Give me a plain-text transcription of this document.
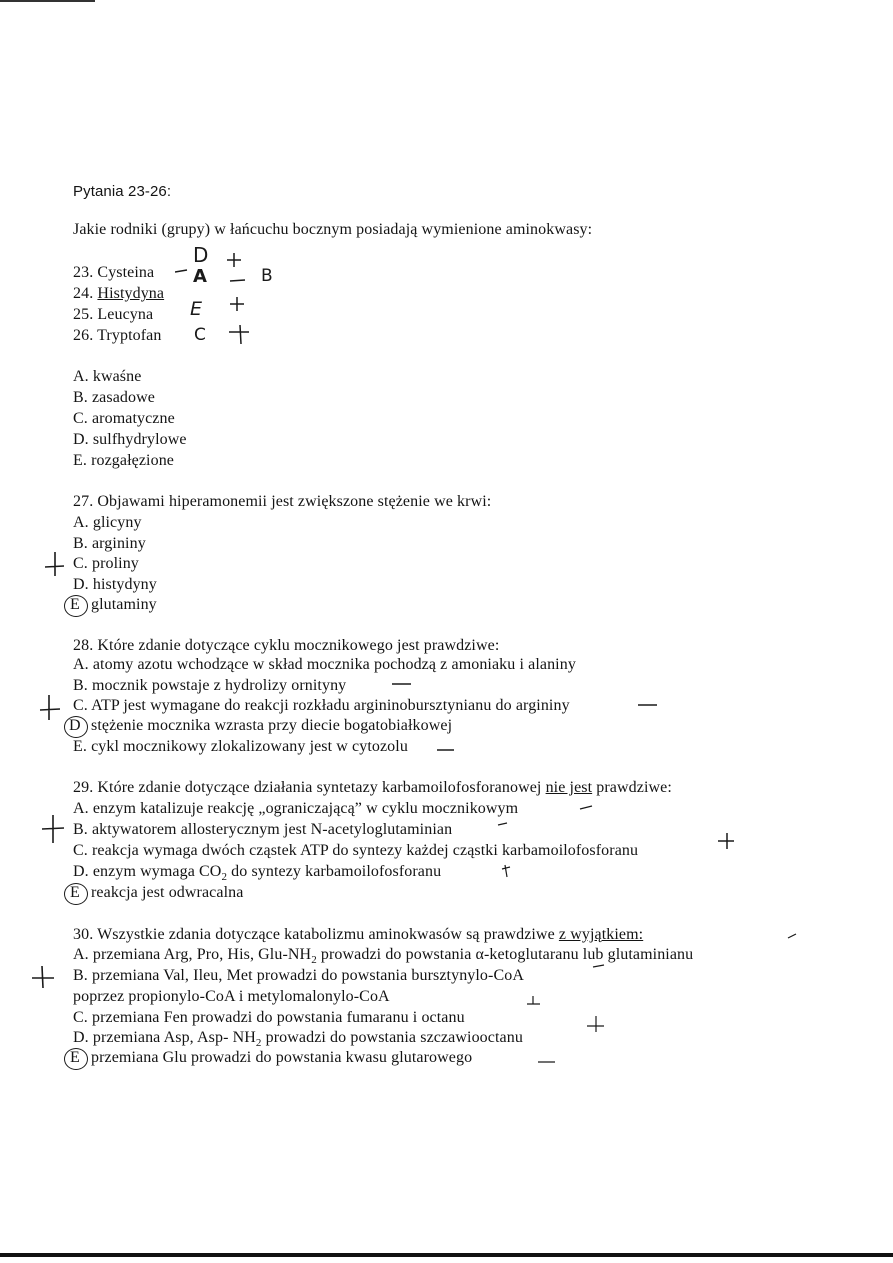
Pytania 23-26:
Jakie rodniki (grupy) w łańcuchu bocznym posiadają wymienione aminokwasy:
23. Cysteina
24. Histydyna
25. Leucyna
26. Tryptofan
D
A	B
E
C
A. kwaśne
B. zasadowe
C. aromatyczne
D. sulfhydrylowe
E. rozgałęzione
27. Objawami hiperamonemii jest zwiększone stężenie we krwi:
A. glicyny
B. argininy
C. proliny
D. histydyny
E glutaminy
28. Które zdanie dotyczące cyklu mocznikowego jest prawdziwe:
A. atomy azotu wchodzące w skład mocznika pochodzą z amoniaku i alaniny
B. mocznik powstaje z hydrolizy ornityny
C. ATP jest wymagane do reakcji rozkładu argininobursztynianu do argininy
D stężenie mocznika wzrasta przy diecie bogatobiałkowej
E. cykl mocznikowy zlokalizowany jest w cytozolu
29. Które zdanie dotyczące działania syntetazy karbamoilofosforanowej nie jest prawdziwe:
A. enzym katalizuje reakcję „ograniczającą” w cyklu mocznikowym
B. aktywatorem allosterycznym jest N-acetyloglutaminian
C. reakcja wymaga dwóch cząstek ATP do syntezy każdej cząstki karbamoilofosforanu
D. enzym wymaga $CO_2$ do syntezy karbamoilofosforanu
E reakcja jest odwracalna
30. Wszystkie zdania dotyczące katabolizmu aminokwasów są prawdziwe z wyjątkiem:
A. przemiana Arg, Pro, His, Glu-$NH_2$ prowadzi do powstania α-ketoglutaranu lub glutaminianu
B. przemiana Val, Ileu, Met prowadzi do powstania bursztynylo-CoA
poprzez propionylo-CoA i metylomalonylo-CoA
C. przemiana Fen prowadzi do powstania fumaranu i octanu
D. przemiana Asp, Asp- $NH_2$ prowadzi do powstania szczawiooctanu
E przemiana Glu prowadzi do powstania kwasu glutarowego
